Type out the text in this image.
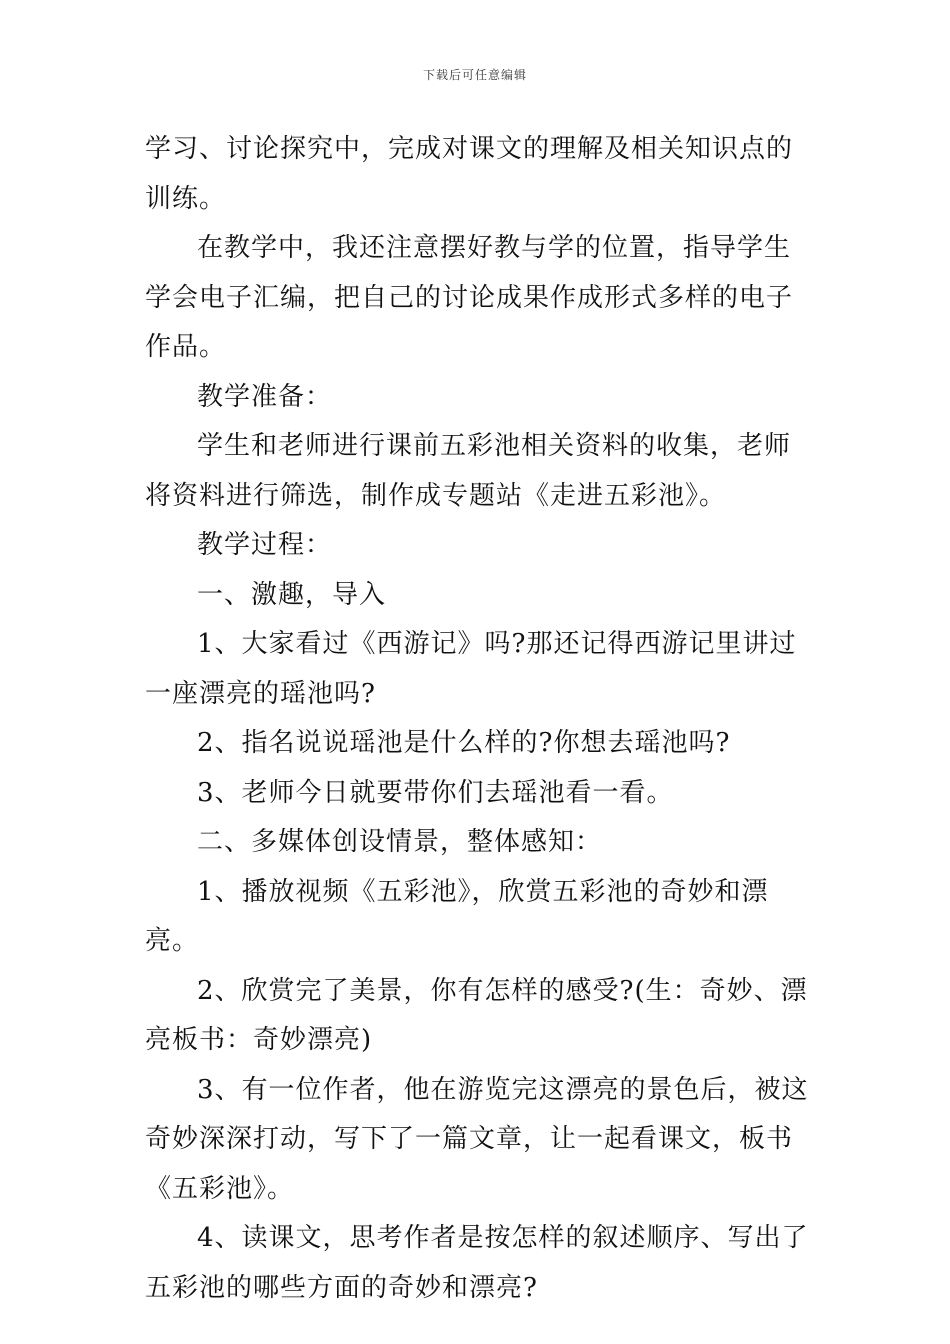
下载后可任意编辑

学习、讨论探究中，完成对课文的理解及相关知识点的训练。

在教学中，我还注意摆好教与学的位置，指导学生学会电子汇编，把自己的讨论成果作成形式多样的电子作品。

教学准备：

学生和老师进行课前五彩池相关资料的收集，老师将资料进行筛选，制作成专题站《走进五彩池》。

教学过程：

一、激趣，导入

1、大家看过《西游记》吗?那还记得西游记里讲过一座漂亮的瑶池吗?

2、指名说说瑶池是什么样的?你想去瑶池吗?

3、老师今日就要带你们去瑶池看一看。

二、多媒体创设情景，整体感知：

1、播放视频《五彩池》，欣赏五彩池的奇妙和漂亮。

2、欣赏完了美景，你有怎样的感受?(生：奇妙、漂亮板书：奇妙漂亮)

3、有一位作者，他在游览完这漂亮的景色后，被这奇妙深深打动，写下了一篇文章，让一起看课文，板书《五彩池》。

4、读课文，思考作者是按怎样的叙述顺序、写出了五彩池的哪些方面的奇妙和漂亮?
